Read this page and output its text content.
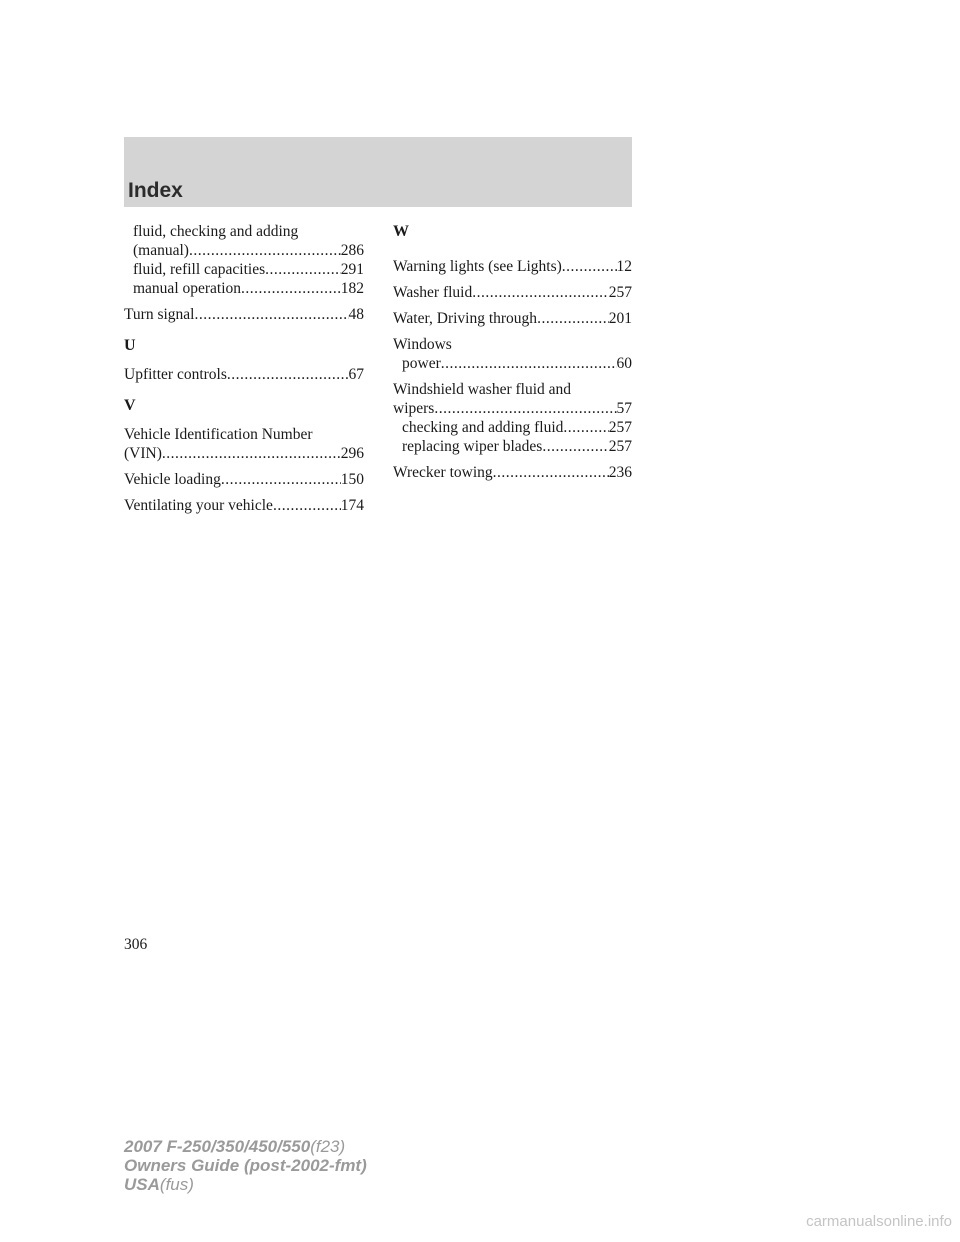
Index
fluid, checking and adding
(manual) .....	286
fluid, refill capacities .....	291
manual operation .....	182
Turn signal .....	48
U
Upfitter controls .....	67
V
Vehicle Identification Number
(VIN) .....	296
Vehicle loading .....	150
Ventilating your vehicle .....	174
W
Warning lights (see Lights) .....	12
Washer fluid .....	257
Water, Driving through .....	201
Windows
power .....	60
Windshield washer fluid and
wipers .....	57
checking and adding fluid .....	257
replacing wiper blades .....	257
Wrecker towing .....	236
306
2007 F-250/350/450/550(f23)
Owners Guide (post-2002-fmt)
USA(fus)
carmanualsonline.info
